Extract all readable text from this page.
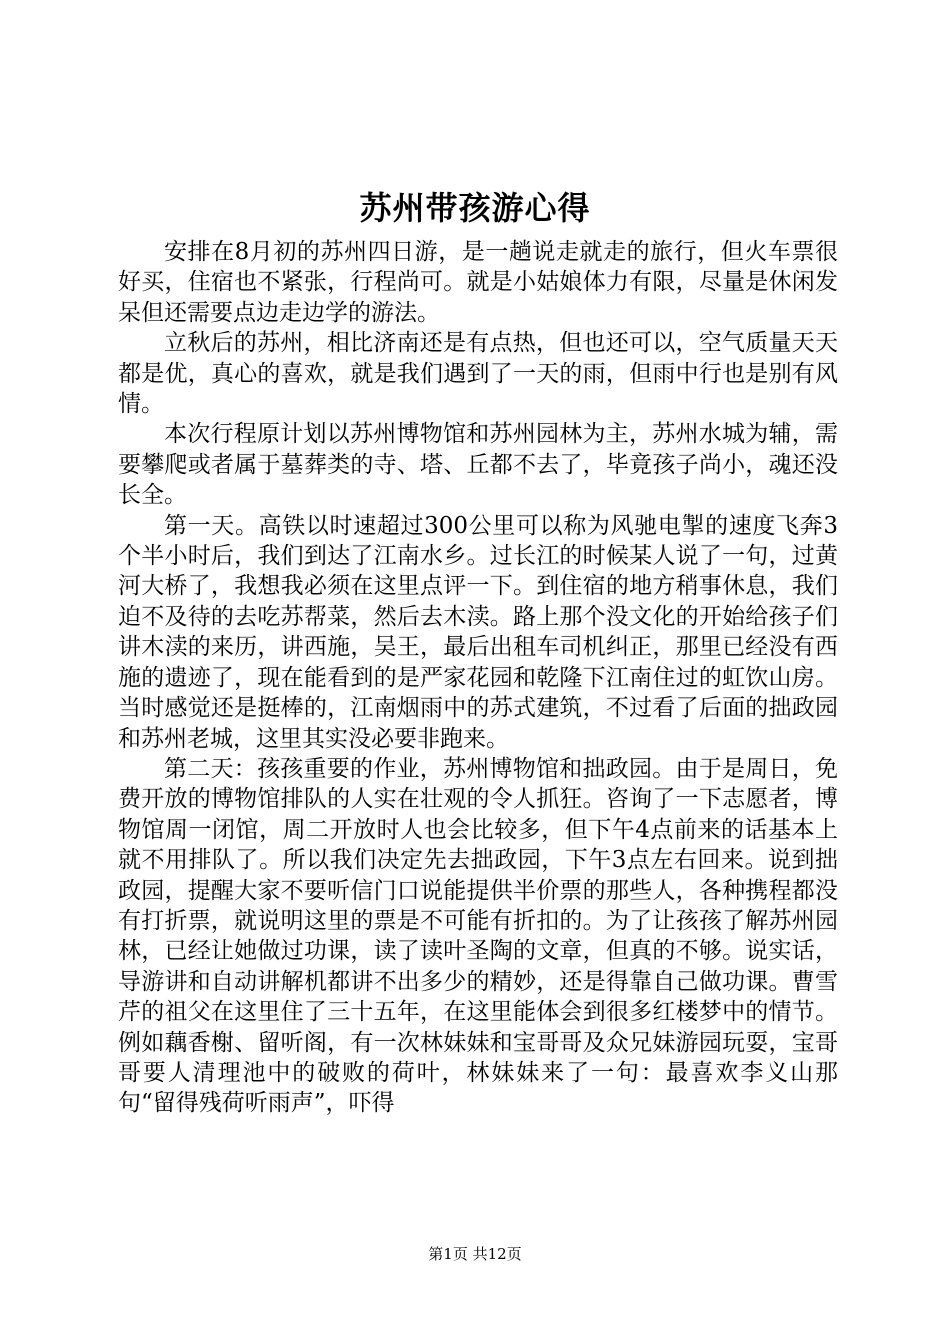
苏州带孩游心得

安排在8月初的苏州四日游，是一趟说走就走的旅行，但火车票很好买，住宿也不紧张，行程尚可。就是小姑娘体力有限，尽量是休闲发呆但还需要点边走边学的游法。

立秋后的苏州，相比济南还是有点热，但也还可以，空气质量天天都是优，真心的喜欢，就是我们遇到了一天的雨，但雨中行也是别有风情。

本次行程原计划以苏州博物馆和苏州园林为主，苏州水城为辅，需要攀爬或者属于墓葬类的寺、塔、丘都不去了，毕竟孩子尚小，魂还没长全。

第一天。高铁以时速超过300公里可以称为风驰电掣的速度飞奔3个半小时后，我们到达了江南水乡。过长江的时候某人说了一句，过黄河大桥了，我想我必须在这里点评一下。到住宿的地方稍事休息，我们迫不及待的去吃苏帮菜，然后去木渎。路上那个没文化的开始给孩子们讲木渎的来历，讲西施，吴王，最后出租车司机纠正，那里已经没有西施的遗迹了，现在能看到的是严家花园和乾隆下江南住过的虹饮山房。当时感觉还是挺棒的，江南烟雨中的苏式建筑，不过看了后面的拙政园和苏州老城，这里其实没必要非跑来。

第二天：孩孩重要的作业，苏州博物馆和拙政园。由于是周日，免费开放的博物馆排队的人实在壮观的令人抓狂。咨询了一下志愿者，博物馆周一闭馆，周二开放时人也会比较多，但下午4点前来的话基本上就不用排队了。所以我们决定先去拙政园，下午3点左右回来。说到拙政园，提醒大家不要听信门口说能提供半价票的那些人，各种携程都没有打折票，就说明这里的票是不可能有折扣的。为了让孩孩了解苏州园林，已经让她做过功课，读了读叶圣陶的文章，但真的不够。说实话，导游讲和自动讲解机都讲不出多少的精妙，还是得靠自己做功课。曹雪芹的祖父在这里住了三十五年，在这里能体会到很多红楼梦中的情节。例如藕香榭、留听阁，有一次林妹妹和宝哥哥及众兄妹游园玩耍，宝哥哥要人清理池中的破败的荷叶，林妹妹来了一句：最喜欢李义山那句“留得残荷听雨声”，吓得

第1页 共12页
